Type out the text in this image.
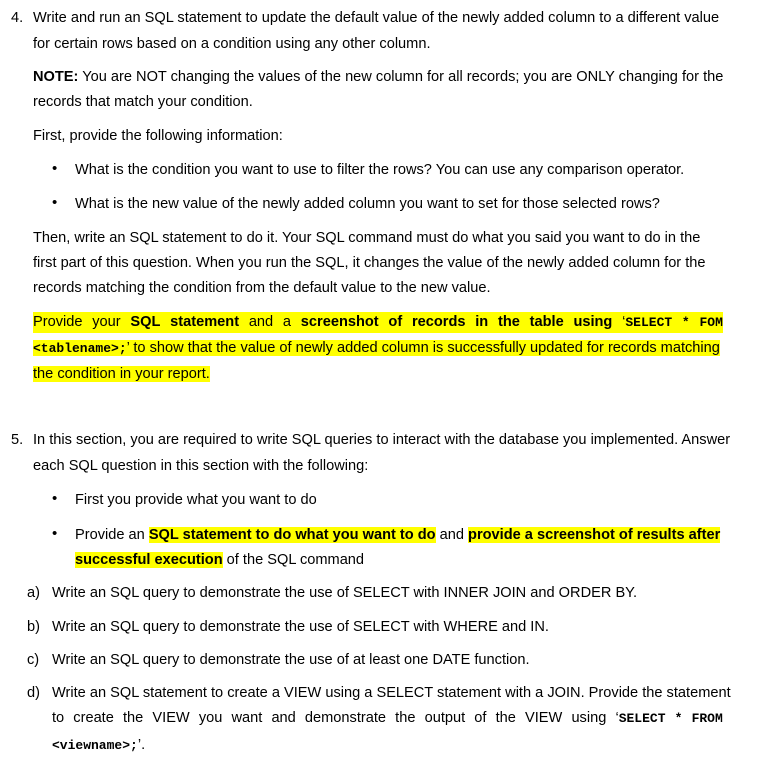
4. Write and run an SQL statement to update the default value of the newly added column to a different value
for certain rows based on a condition using any other column.
NOTE: You are NOT changing the values of the new column for all records; you are ONLY changing for the
records that match your condition.
First, provide the following information:
• What is the condition you want to use to filter the rows? You can use any comparison operator.
• What is the new value of the newly added column you want to set for those selected rows?
Then, write an SQL statement to do it. Your SQL command must do what you said you want to do in the
first part of this question. When you run the SQL, it changes the value of the newly added column for the
records matching the condition from the default value to the new value.
Provide your SQL statement and a screenshot of records in the table using ‘SELECT * FOM
<tablename>;’ to show that the value of newly added column is successfully updated for records matching
the condition in your report.
5. In this section, you are required to write SQL queries to interact with the database you implemented. Answer
each SQL question in this section with the following:
• First you provide what you want to do
• Provide an SQL statement to do what you want to do and provide a screenshot of results after
successful execution of the SQL command
a) Write an SQL query to demonstrate the use of SELECT with INNER JOIN and ORDER BY.
b) Write an SQL query to demonstrate the use of SELECT with WHERE and IN.
c) Write an SQL query to demonstrate the use of at least one DATE function.
d) Write an SQL statement to create a VIEW using a SELECT statement with a JOIN. Provide the statement
to create the VIEW you want and demonstrate the output of the VIEW using ‘SELECT * FROM
<viewname>;’.
